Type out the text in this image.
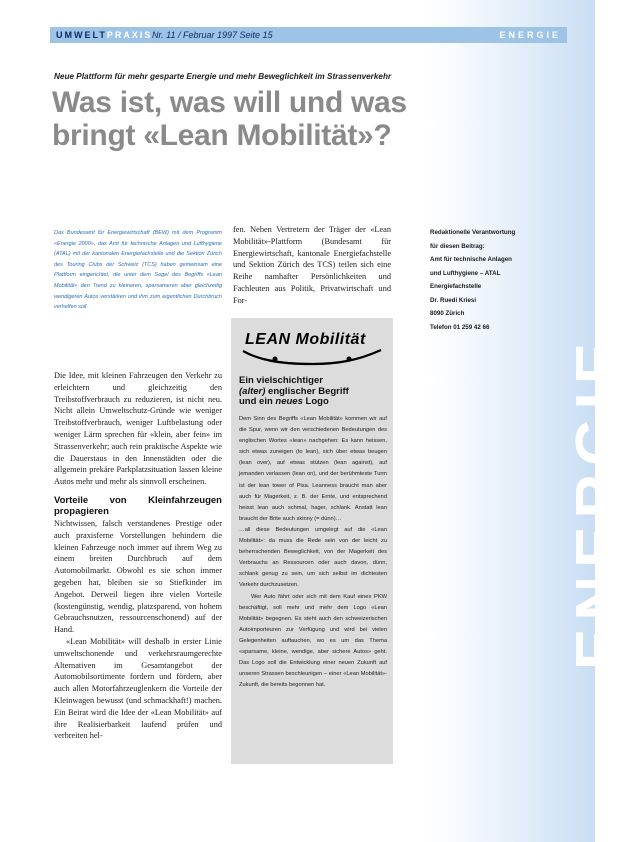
ENERGIE
UMWELTPRAXIS Nr. 11 / Februar 1997 Seite 15	ENERGIE
Neue Plattform für mehr gesparte Energie und mehr Beweglichkeit im Strassenverkehr
Was ist, was will und was
bringt «Lean Mobilität»?
Das Bundesamt für Energiewirtschaft (BEW) mit dem Programm «Energie 2000», das Amt für technische Anlagen und Lufthygiene (ATAL) mit der kantonalen Energiefachstelle und die Sektion Zürich des Touring Clubs der Schweiz (TCS) haben gemeinsam eine Plattform eingerichtet, die unter dem Segel des Begriffs «Lean Mobilität» den Trend zu kleineren, sparsameren aber gleichzeitig wendigeren Autos verstärken und ihm zum eigentlichen Durchbruch verhelfen soll.

Die Idee, mit kleinen Fahrzeugen den Verkehr zu erleichtern und gleichzeitig den Treibstoffverbrauch zu reduzieren, ist nicht neu. Nicht allein Umweltschutz-Gründe wie weniger Treibstoffverbrauch, weniger Luftbelastung oder weniger Lärm sprechen für «klein, aber fein» im Strassenverkehr; auch rein praktische Aspekte wie die Dauerstaus in den Innenstädten oder die allgemein prekäre Parkplatzsituation lassen kleine Autos mehr und mehr als sinnvoll erscheinen.

Vorteile von Kleinfahrzeugen propagieren

Nichtwissen, falsch verstandenes Prestige oder auch praxisferne Vorstellungen behindern die kleinen Fahrzeuge noch immer auf ihrem Weg zu einem breiten Durchbruch auf dem Automobilmarkt. Obwohl es sie schon immer gegeben hat, bleiben sie so Stiefkinder im Angebot. Derweil liegen ihre vielen Vorteile (kostengünstig, wendig, platzsparend, von hohem Gebrauchsnutzen, ressourcenschonend) auf der Hand.

«Lean Mobilität» will deshalb in erster Linie umweltschonende und verkehrsraumgerechte Alternativen im Gesamtangebot der Automobilsortimente fordern und fördern, aber auch allen Motorfahrzeuglenkern die Vorteile der Kleinwagen bewusst (und schmackhaft!) machen. Ein Beirat wird die Idee der «Lean Mobilität» auf ihre Realisierbarkeit laufend prüfen und verbreiten hel-

fen. Neben Vertretern der Träger der «Lean Mobilität»-Plattform (Bundesamt für Energiewirtschaft, kantonale Energiefachstelle und Sektion Zürich des TCS) teilen sich eine Reihe namhafter Persönlichkeiten und Fachleuten aus Politik, Privatwirtschaft und For-

Redaktionelle Verantwortung
für diesen Beitrag:
Amt für technische Anlagen
und Lufthygiene – ATAL
Energiefachstelle
Dr. Ruedi Kriesi
8090 Zürich
Telefon 01 259 42 66
LEAN Mobilität
Ein vielschichtiger
(alter) englischer Begriff
und ein neues Logo

Dem Sinn des Begriffs «Lean Mobilität» kommen wir auf die Spur, wenn wir den verschiedenen Bedeutungen des englischen Wortes «lean» nachgehen: Es kann heissen, sich etwas zuneigen (to lean), sich über etwas beugen (lean over), auf etwas stützen (lean against), auf jemanden verlassen (lean on), und der berühmteste Turm ist der lean tower of Pisa. Leanness braucht man aber auch für Magerkeit, z. B. der Ernte, und entsprechend heisst lean auch schmal, hager, schlank. Anstatt lean braucht der Brite auch skinny (= dünn)…

…all diese Bedeutungen umgelegt auf die «Lean Mobilität»: da muss die Rede sein von der leicht zu beherrschenden Beweglichkeit, von der Magerkeit des Verbrauchs an Ressourcen oder auch davon, dünn, schlank genug zu sein, um sich selbst im dichtesten Verkehr durchzusetzen.

Wer Auto fährt oder sich mit dem Kauf eines PKW beschäftigt, soll mehr und mehr dem Logo «Lean Mobilität» begegnen. Es steht auch den schweizerischen Autoimporteuren zur Verfügung und wird bei vielen Gelegenheiten auftauchen, wo es um das Thema «sparsame, kleine, wendige, aber sichere Autos» geht. Das Logo soll die Entwicklung einer neuen Zukunft auf unseren Strassen beschleunigen – einer «Lean Mobilität»-Zukunft, die bereits begonnen hat.
